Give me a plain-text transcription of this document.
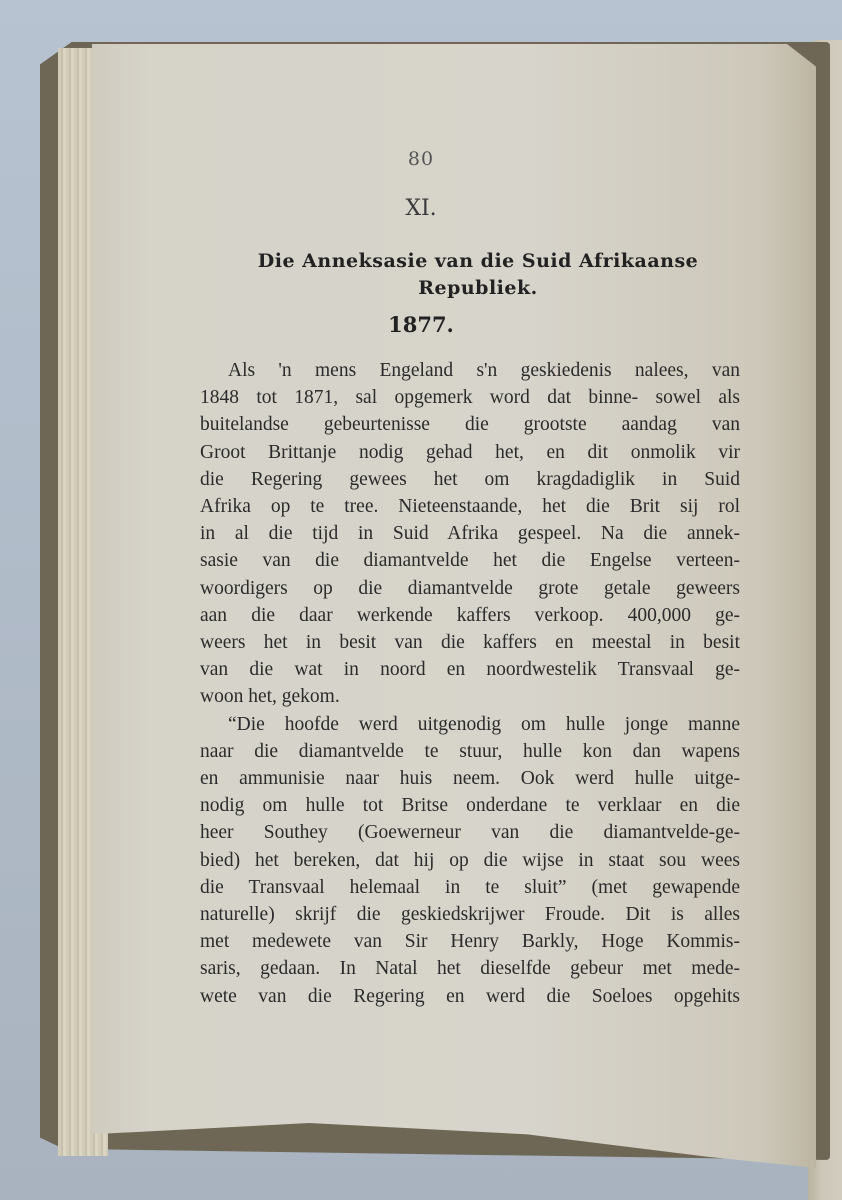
80
XI.
Die Anneksasie van die Suid Afrikaanse
Republiek.
1877.
Als 'n mens Engeland s'n geskiedenis nalees, van
1848 tot 1871, sal opgemerk word dat binne- sowel als
buitelandse gebeurtenisse die grootste aandag van
Groot Brittanje nodig gehad het, en dit onmolik vir
die Regering gewees het om kragdadiglik in Suid
Afrika op te tree. Nieteenstaande, het die Brit sij rol
in al die tijd in Suid Afrika gespeel. Na die annek-
sasie van die diamantvelde het die Engelse verteen-
woordigers op die diamantvelde grote getale geweers
aan die daar werkende kaffers verkoop. 400,000 ge-
weers het in besit van die kaffers en meestal in besit
van die wat in noord en noordwestelik Transvaal ge-
woon het, gekom.
“Die hoofde werd uitgenodig om hulle jonge manne
naar die diamantvelde te stuur, hulle kon dan wapens
en ammunisie naar huis neem. Ook werd hulle uitge-
nodig om hulle tot Britse onderdane te verklaar en die
heer Southey (Goewerneur van die diamantvelde-ge-
bied) het bereken, dat hij op die wijse in staat sou wees
die Transvaal helemaal in te sluit” (met gewapende
naturelle) skrijf die geskiedskrijwer Froude. Dit is alles
met medewete van Sir Henry Barkly, Hoge Kommis-
saris, gedaan. In Natal het dieselfde gebeur met mede-
wete van die Regering en werd die Soeloes opgehits
